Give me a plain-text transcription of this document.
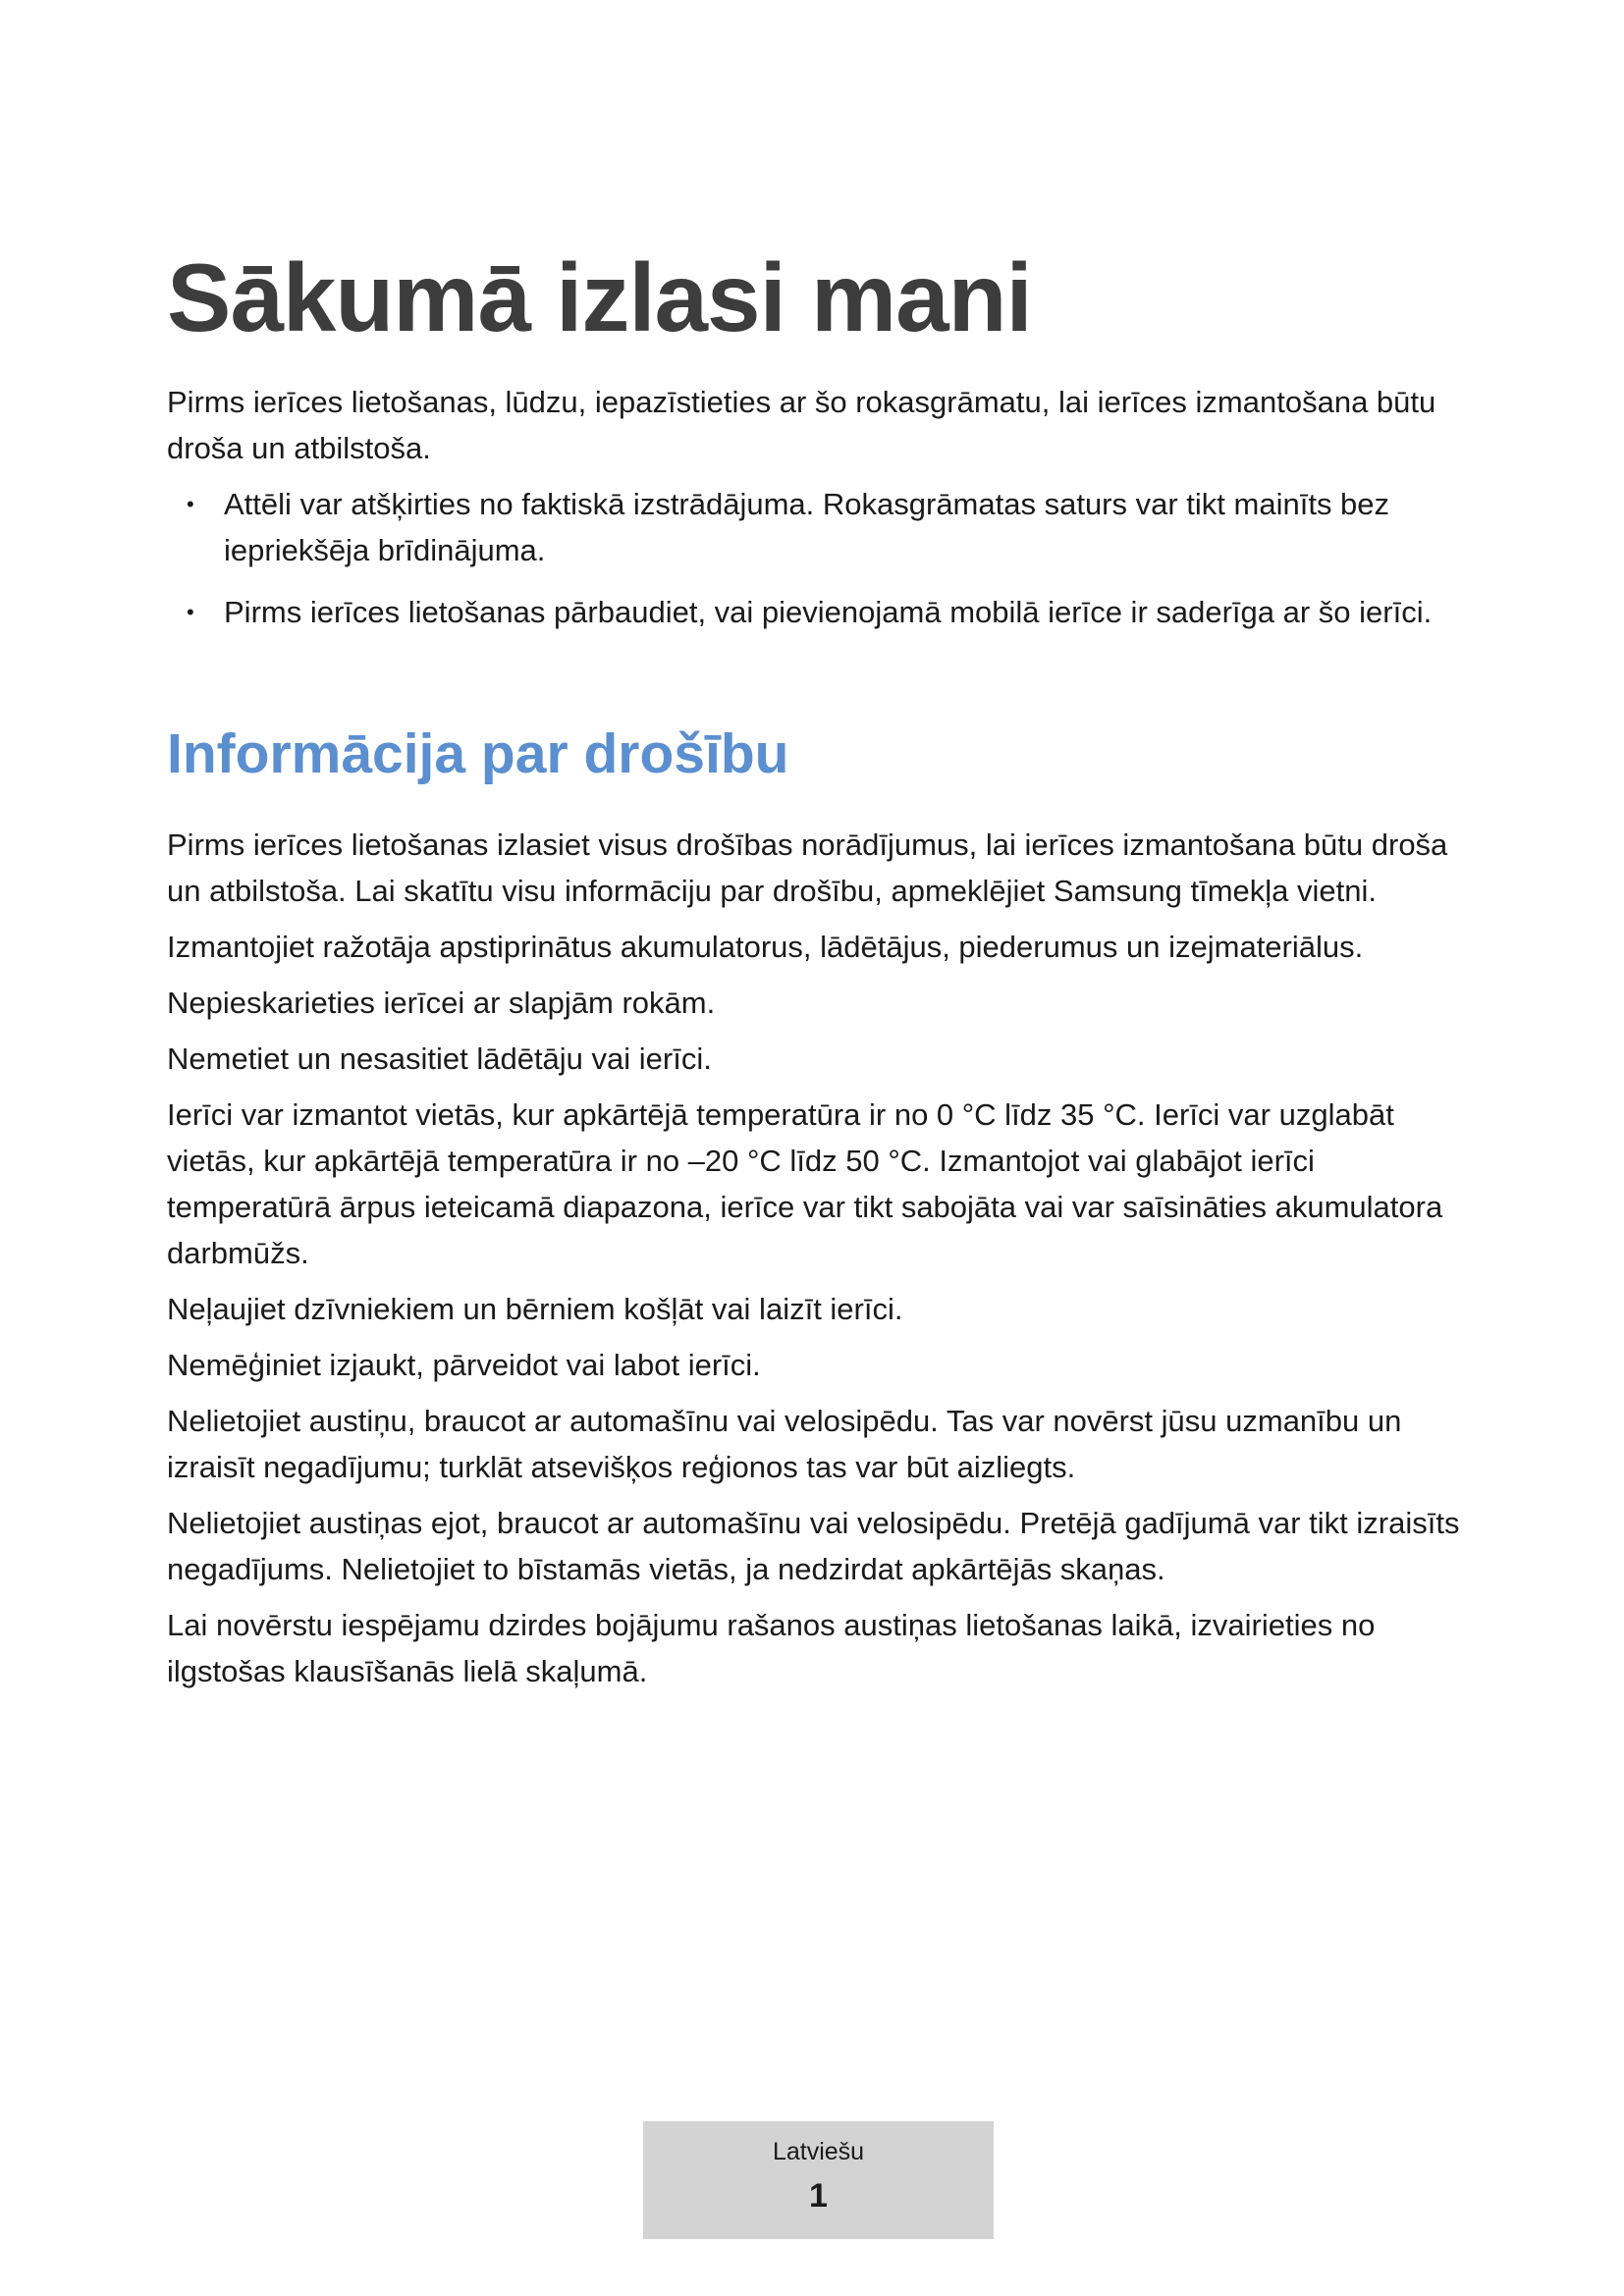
Sākumā izlasi mani

Pirms ierīces lietošanas, lūdzu, iepazīstieties ar šo rokasgrāmatu, lai ierīces izmantošana būtu droša un atbilstoša.

• Attēli var atšķirties no faktiskā izstrādājuma. Rokasgrāmatas saturs var tikt mainīts bez iepriekšēja brīdinājuma.
• Pirms ierīces lietošanas pārbaudiet, vai pievienojamā mobilā ierīce ir saderīga ar šo ierīci.
Informācija par drošību

Pirms ierīces lietošanas izlasiet visus drošības norādījumus, lai ierīces izmantošana būtu droša un atbilstoša. Lai skatītu visu informāciju par drošību, apmeklējiet Samsung tīmekļa vietni.

Izmantojiet ražotāja apstiprinātus akumulatorus, lādētājus, piederumus un izejmateriālus.

Nepieskarieties ierīcei ar slapjām rokām.

Nemetiet un nesasitiet lādētāju vai ierīci.

Ierīci var izmantot vietās, kur apkārtējā temperatūra ir no 0 °C līdz 35 °C. Ierīci var uzglabāt vietās, kur apkārtējā temperatūra ir no –20 °C līdz 50 °C. Izmantojot vai glabājot ierīci temperatūrā ārpus ieteicamā diapazona, ierīce var tikt sabojāta vai var saīsināties akumulatora darbmūžs.

Neļaujiet dzīvniekiem un bērniem košļāt vai laizīt ierīci.

Nemēģiniet izjaukt, pārveidot vai labot ierīci.

Nelietojiet austiņu, braucot ar automašīnu vai velosipēdu. Tas var novērst jūsu uzmanību un izraisīt negadījumu; turklāt atsevišķos reģionos tas var būt aizliegts.

Nelietojiet austiņas ejot, braucot ar automašīnu vai velosipēdu. Pretējā gadījumā var tikt izraisīts negadījums. Nelietojiet to bīstamās vietās, ja nedzirdat apkārtējās skaņas.

Lai novērstu iespējamu dzirdes bojājumu rašanos austiņas lietošanas laikā, izvairieties no ilgstošas klausīšanās lielā skaļumā.

Latviešu
1
